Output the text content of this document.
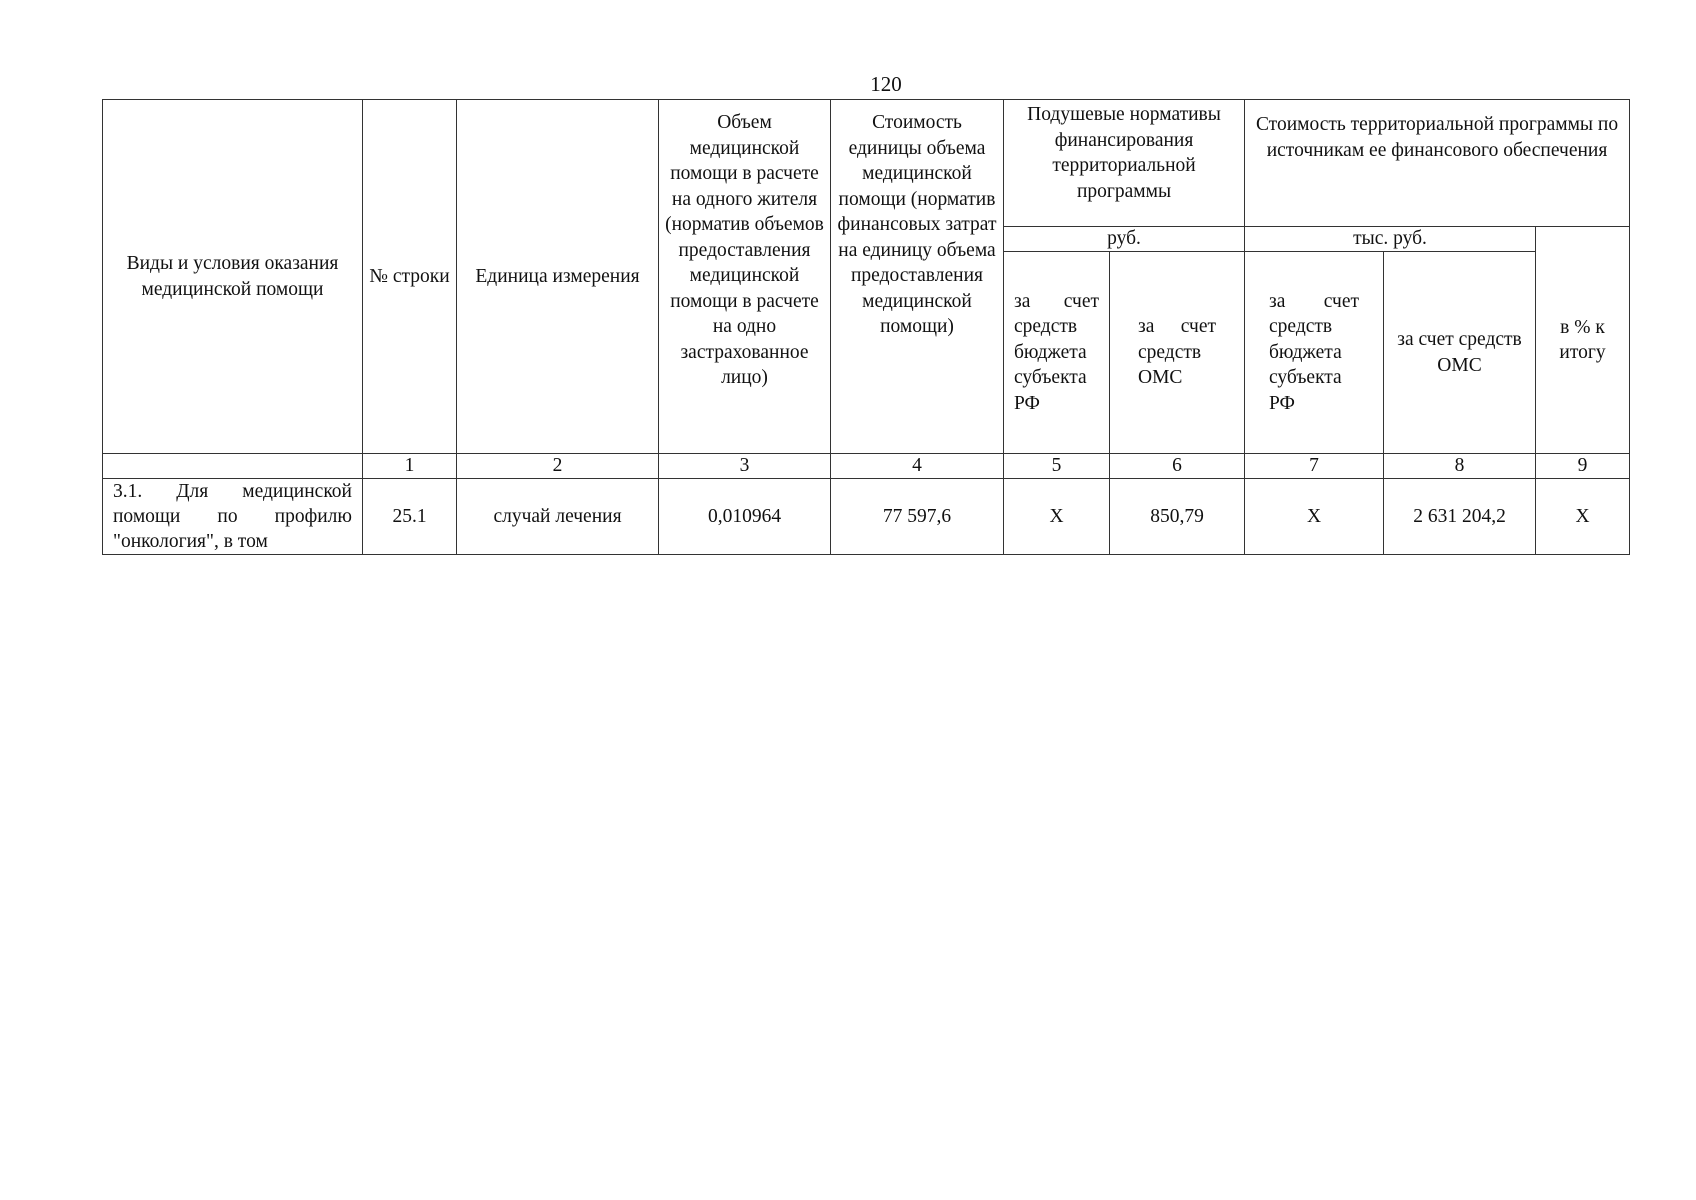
120
Виды и условия оказания медицинской помощи	№ строки	Единица измерения	Объем медицинской помощи в расчете на одного жителя (норматив объемов предоставления медицинской помощи в расчете на одно застрахованное лицо)	Стоимость единицы объема медицинской помощи (норматив финансовых затрат на единицу объема предоставления медицинской помощи)	Подушевые нормативы финансирования территориальной программы		Стоимость территориальной программы по источникам ее финансового обеспечения		
					руб.		тыс. руб.		в % к итогу
					за счет средств бюджета субъекта РФ	за счет средств ОМС	за счет средств бюджета субъекта РФ	за счет средств ОМС	
	1	2	3	4	5	6	7	8	9
3.1. Для медицинской помощи по профилю "онкология", в том	25.1	случай лечения	0,010964	77 597,6	X	850,79	X	2 631 204,2	X
